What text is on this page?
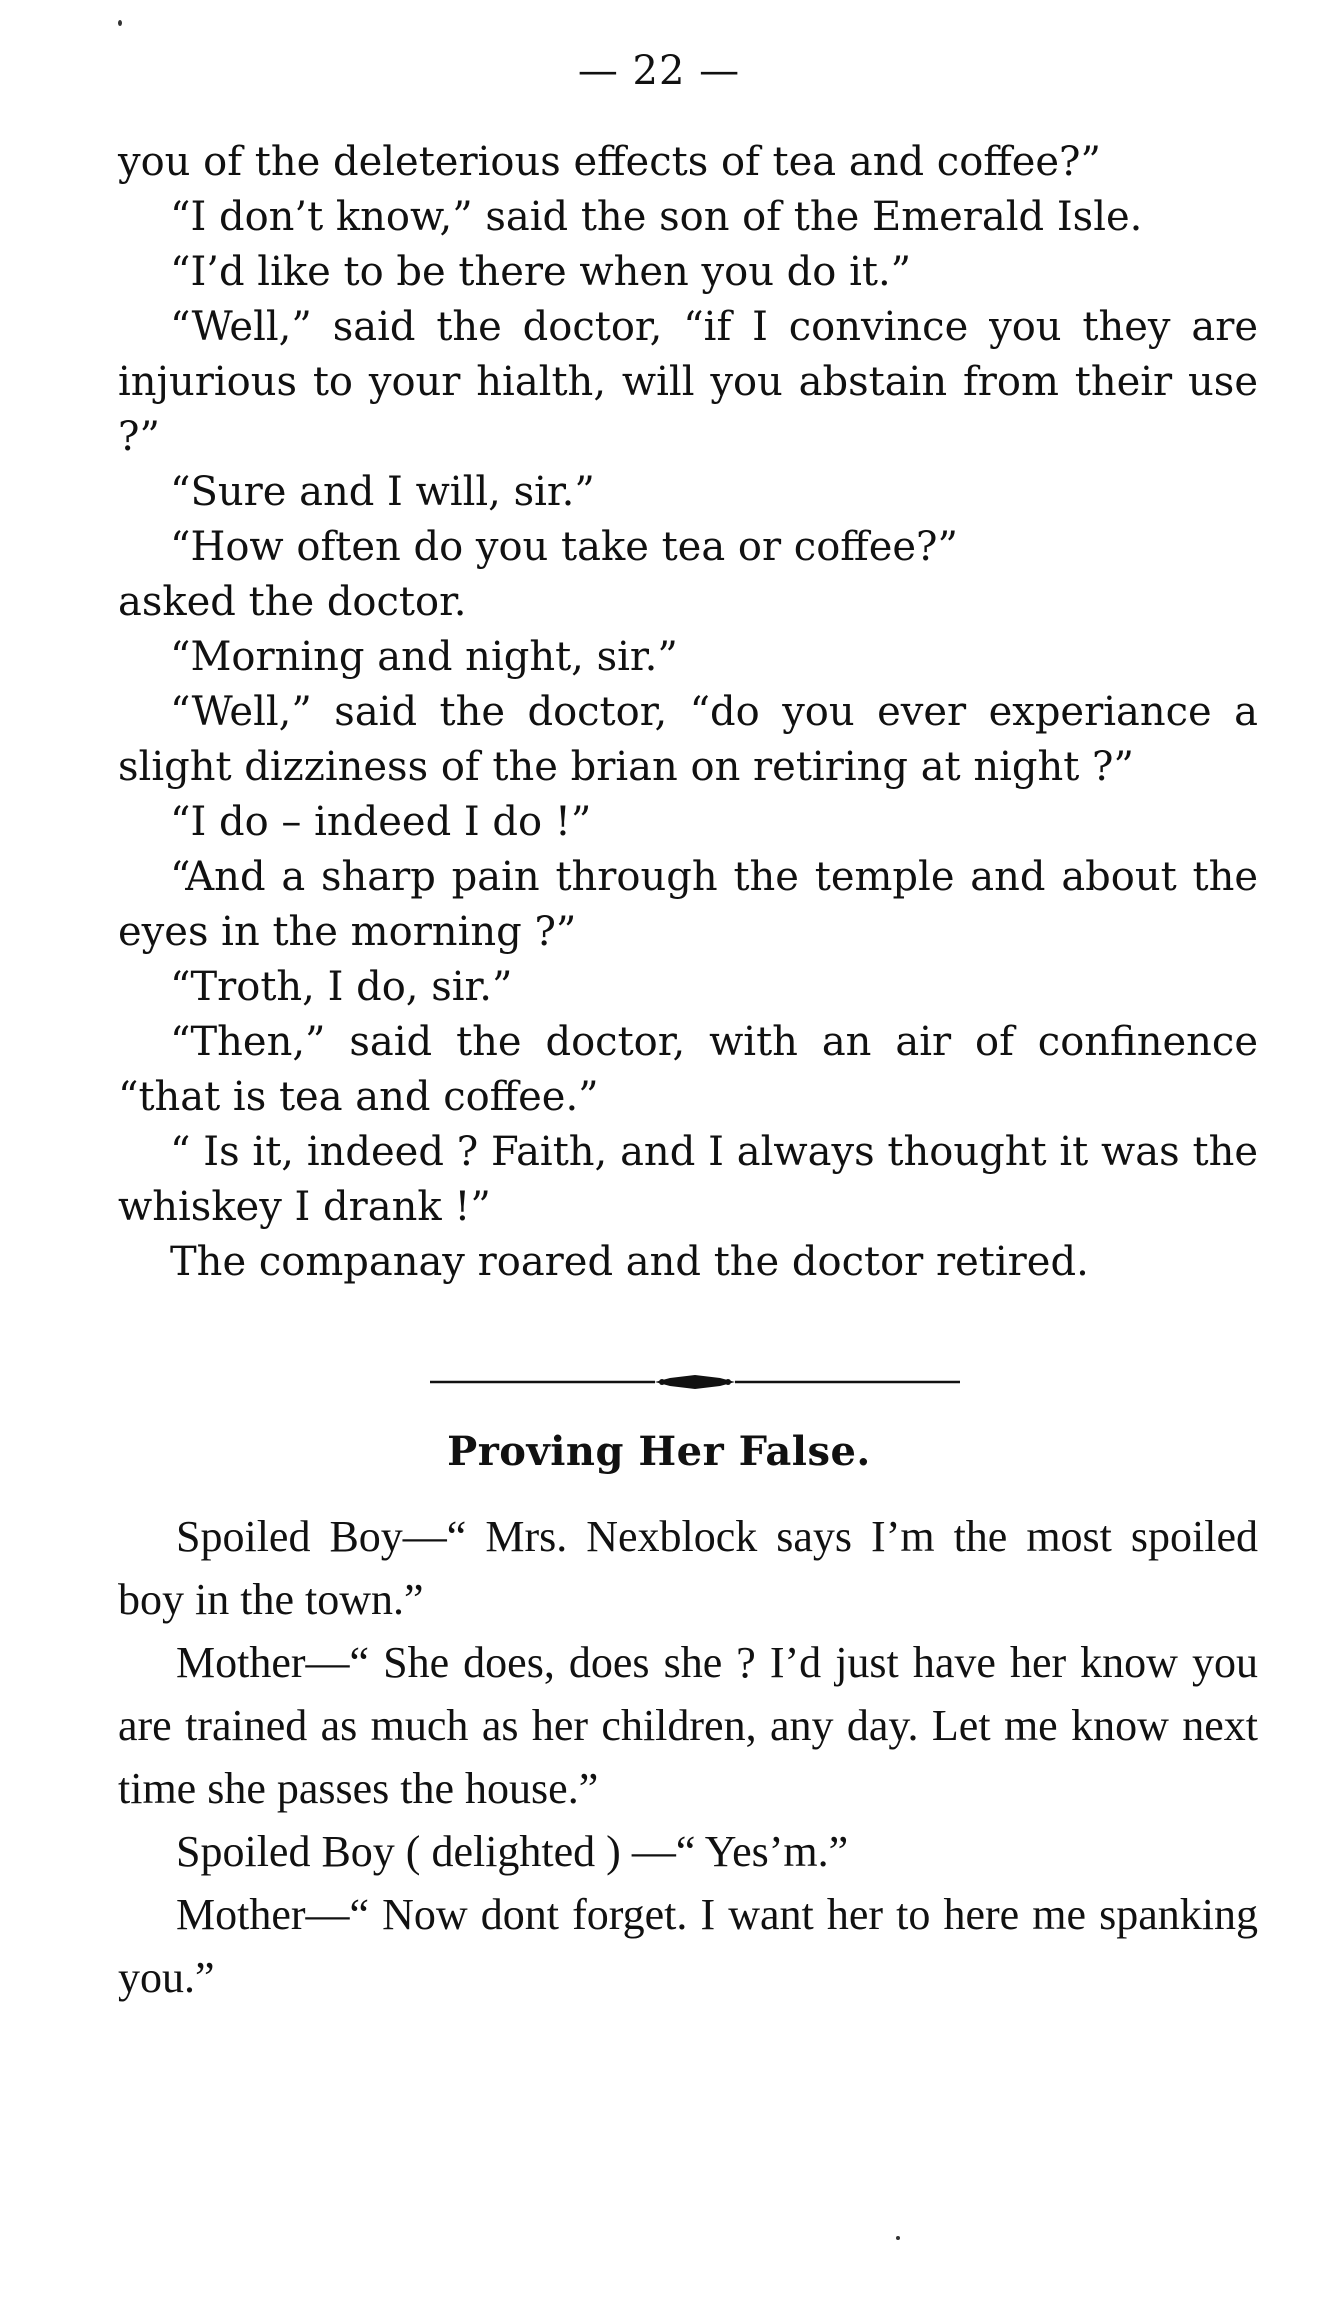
— 22 —

you of the deleterious effects of tea and coffee?”

“I don’t know,” said the son of the Emerald Isle.

“I’d like to be there when you do it.”

“Well,” said the doctor, “if I convince you they are injurious to your hialth, will you abstain from their use ?”

“Sure and I will, sir.”

“How often do you take tea or coffee?”

asked the doctor.

“Morning and night, sir.”

“Well,” said the doctor, “do you ever experiance a slight dizziness of the brian on retiring at night ?”

“I do – indeed I do !”

“And a sharp pain through the temple and about the eyes in the morning ?”

“Troth, I do, sir.”

“Then,” said the doctor, with an air of confinence “that is tea and coffee.”

“ Is it, indeed ? Faith, and I always thought it was the whiskey I drank !”

The companay roared and the doctor retired.

Proving Her False.

Spoiled Boy—“ Mrs. Nexblock says I’m the most spoiled boy in the town.”

Mother—“ She does, does she ? I’d just have her know you are trained as much as her children, any day. Let me know next time she passes the house.”

Spoiled Boy ( delighted ) —“ Yes’m.”

Mother—“ Now dont forget. I want her to here me spanking you.”
